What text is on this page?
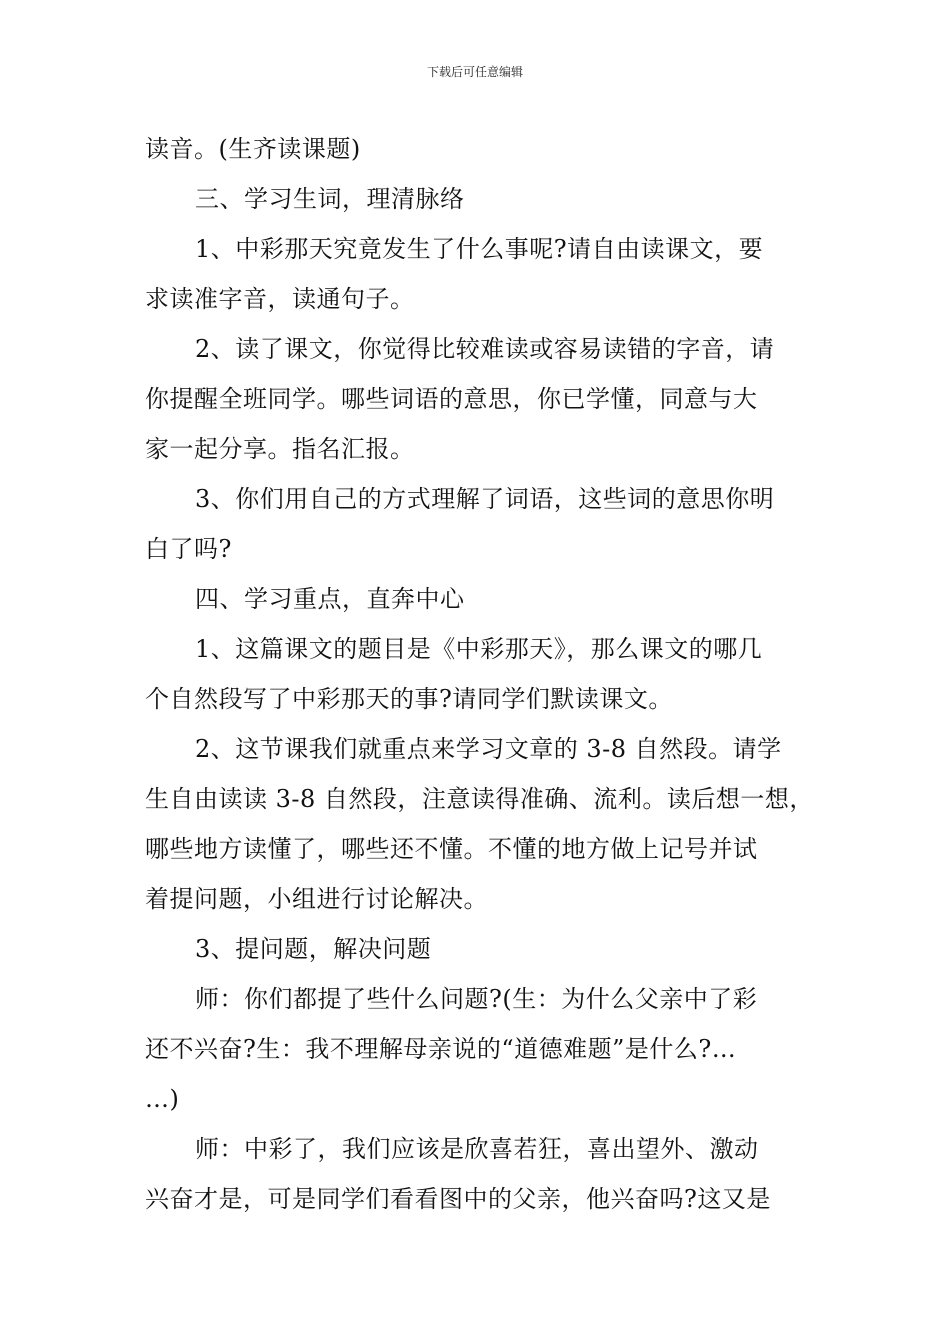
下载后可任意编辑
读音。(生齐读课题)
三、学习生词，理清脉络
1、中彩那天究竟发生了什么事呢?请自由读课文，要
求读准字音，读通句子。
2、读了课文，你觉得比较难读或容易读错的字音，请
你提醒全班同学。哪些词语的意思，你已学懂，同意与大
家一起分享。指名汇报。
3、你们用自己的方式理解了词语，这些词的意思你明
白了吗?
四、学习重点，直奔中心
1、这篇课文的题目是《中彩那天》，那么课文的哪几
个自然段写了中彩那天的事?请同学们默读课文。
2、这节课我们就重点来学习文章的 3-8 自然段。请学
生自由读读 3-8 自然段，注意读得准确、流利。读后想一想，
哪些地方读懂了，哪些还不懂。不懂的地方做上记号并试
着提问题，小组进行讨论解决。
3、提问题，解决问题
师：你们都提了些什么问题?(生：为什么父亲中了彩
还不兴奋?生：我不理解母亲说的“道德难题”是什么?…
…)
师：中彩了，我们应该是欣喜若狂，喜出望外、激动
兴奋才是，可是同学们看看图中的父亲，他兴奋吗?这又是
